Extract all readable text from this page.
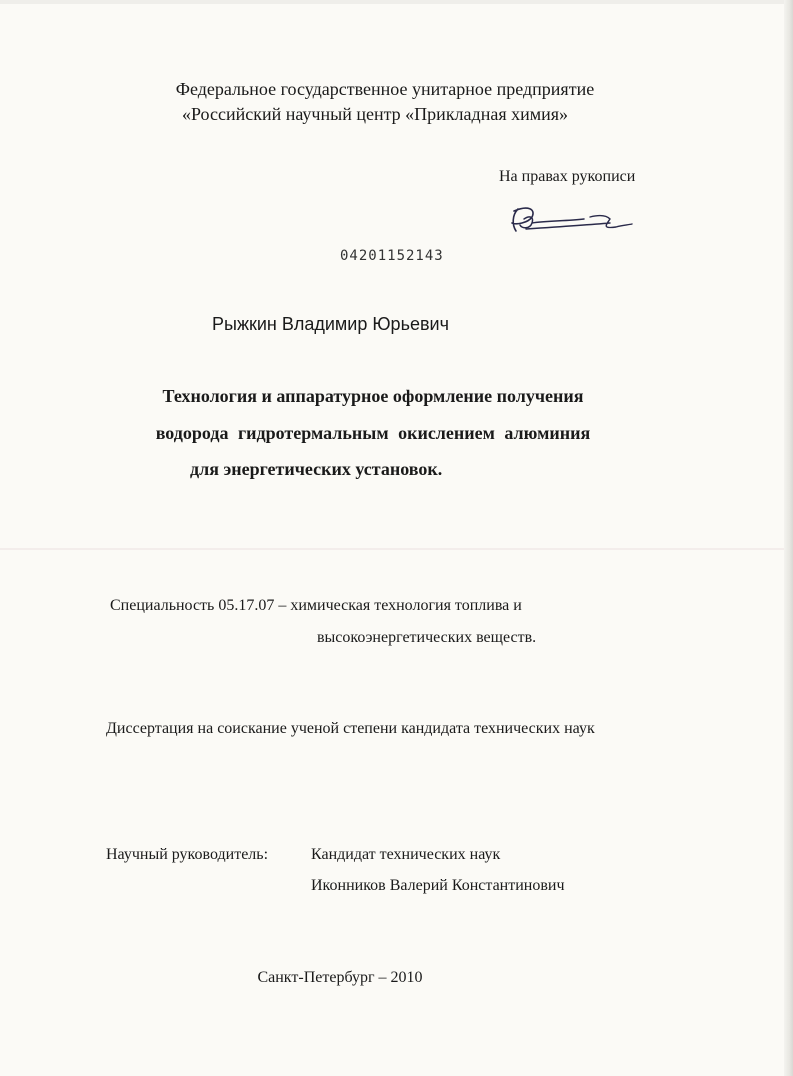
Федеральное государственное унитарное предприятие
«Российский научный центр «Прикладная химия»
На правах рукописи
04201152143
Рыжкин Владимир Юрьевич
Технология и аппаратурное оформление получения
водорода гидротермальным окислением алюминия
для энергетических установок.
Специальность 05.17.07 – химическая технология топлива и
высокоэнергетических веществ.
Диссертация на соискание ученой степени кандидата технических наук
Научный руководитель:	Кандидат технических наук
Иконников Валерий Константинович
Санкт-Петербург – 2010
